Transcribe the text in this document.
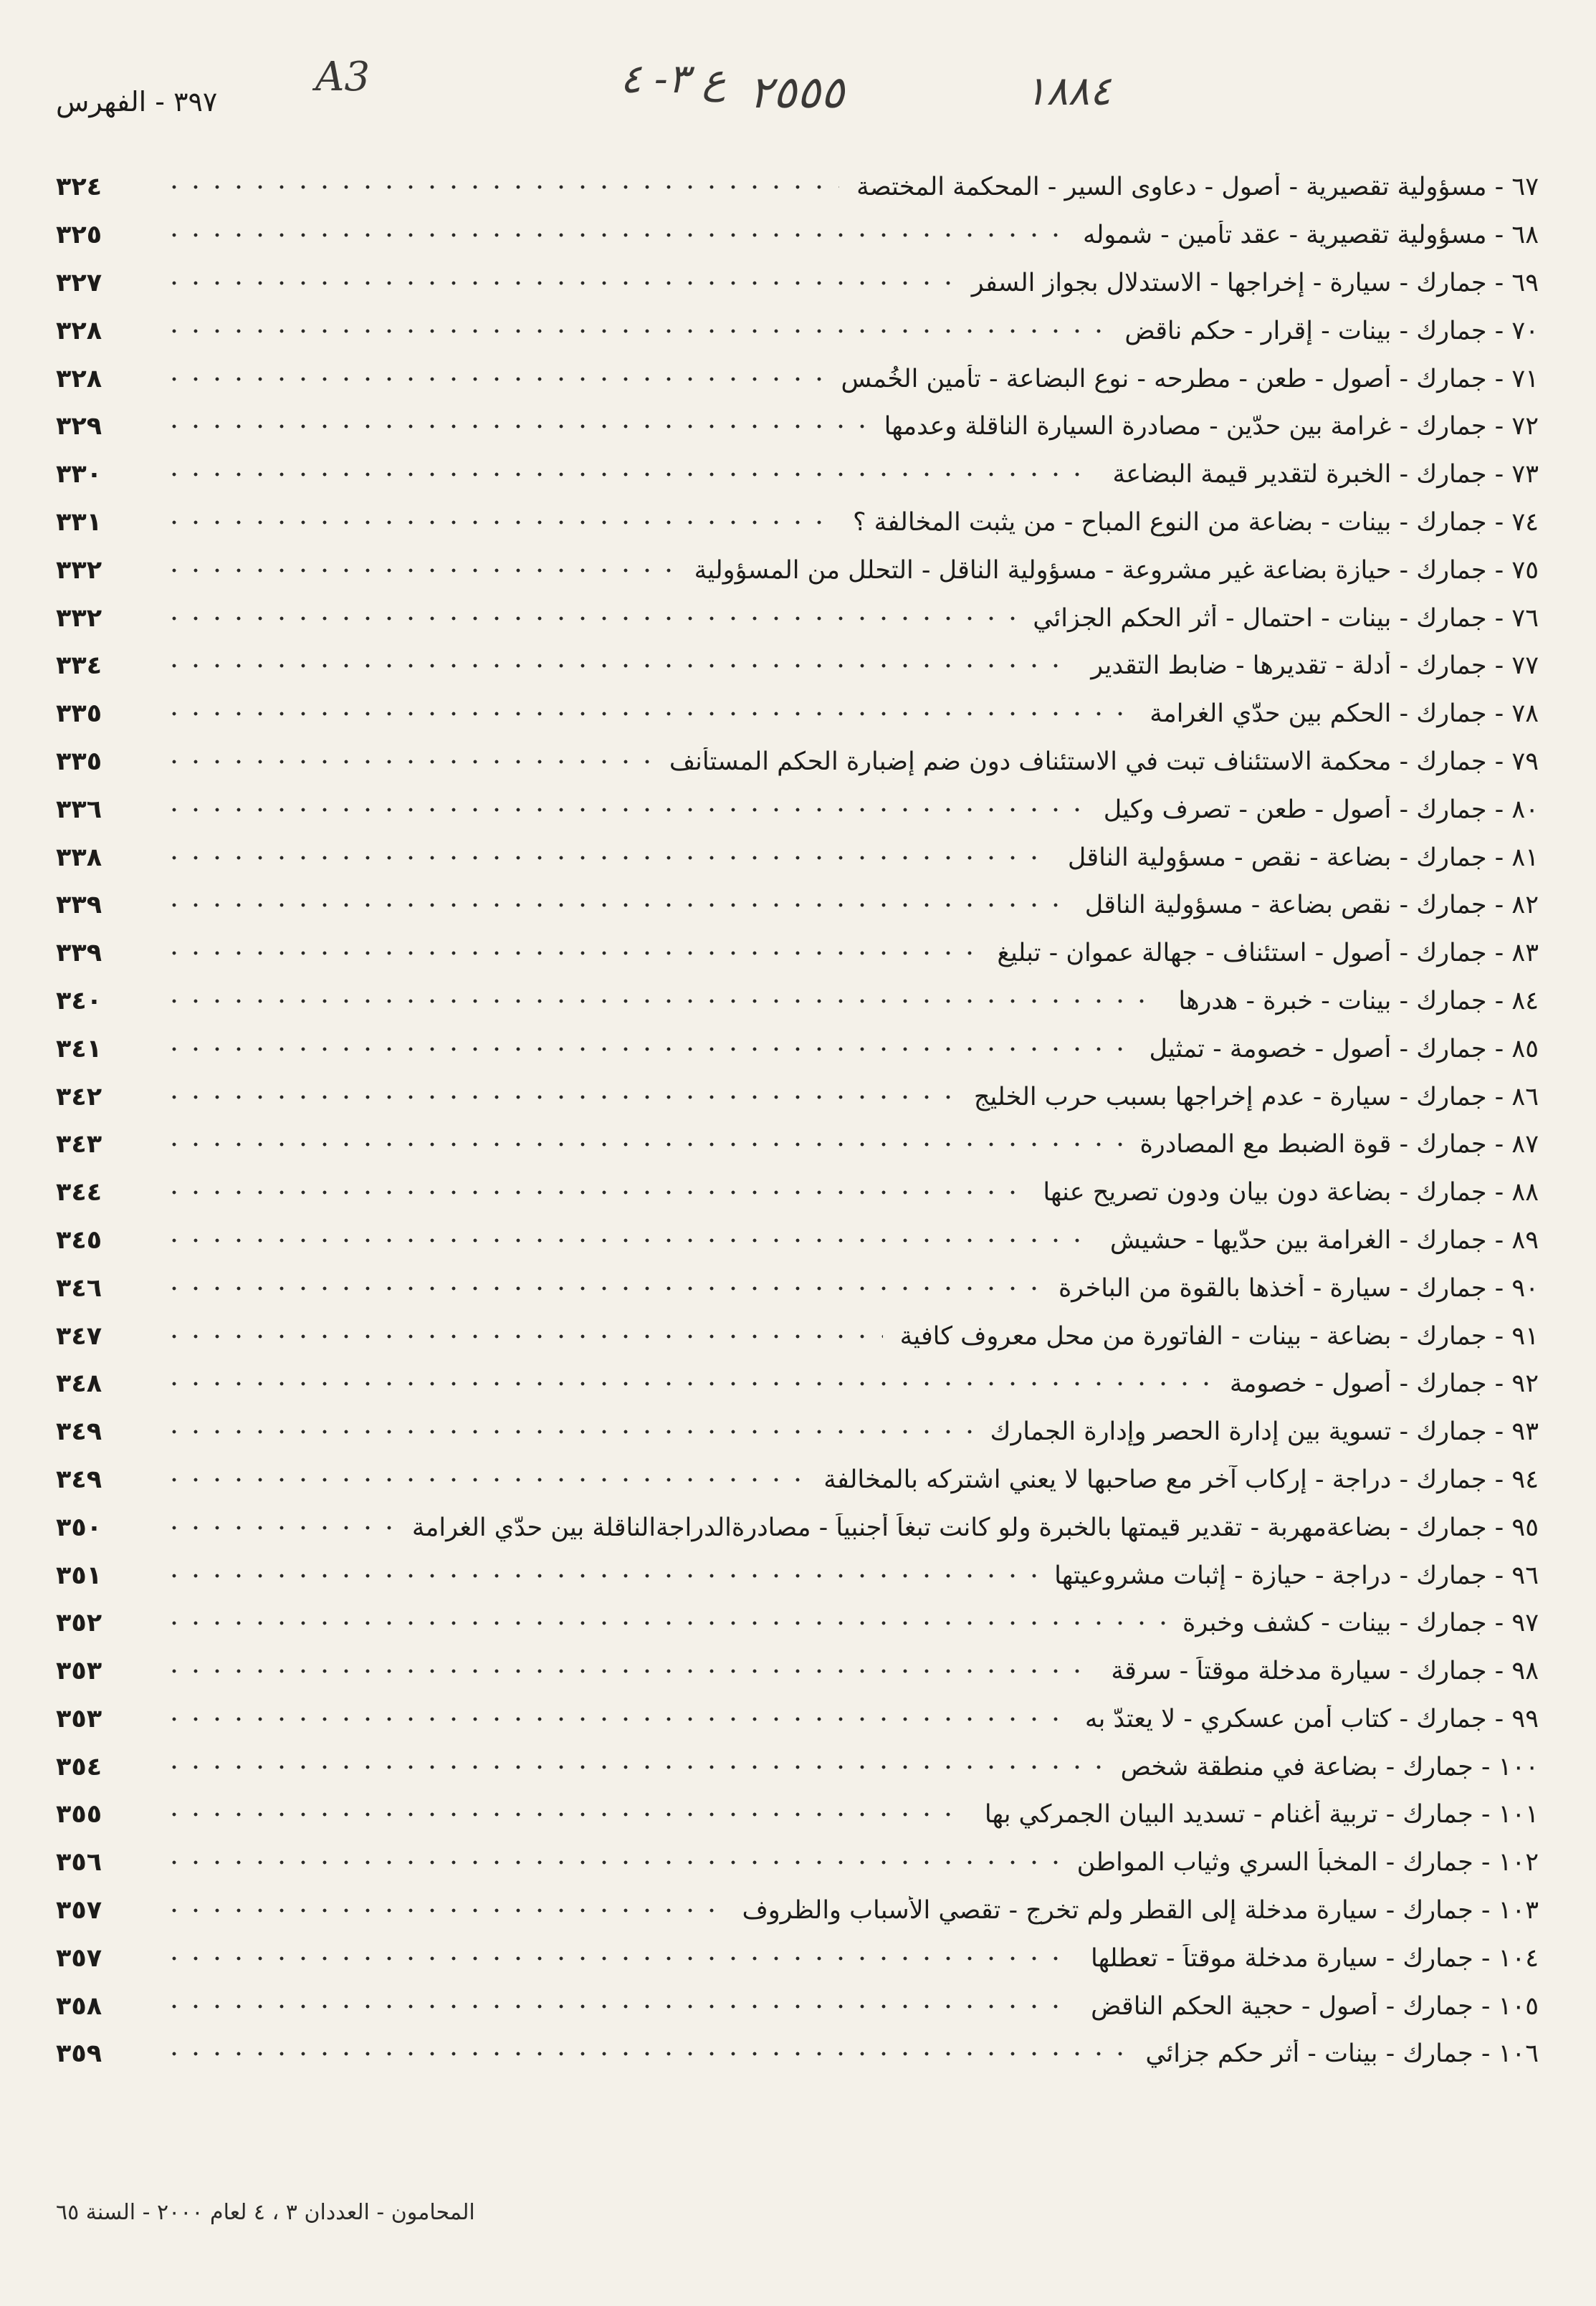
١٨٨٤
٢٥٥٥
ع ٣- ٤
A3
٣٩٧ - الفهرس
٦٧ - مسؤولية تقصيرية - أصول - دعاوى السير - المحكمة المختصة
٣٢٤
٦٨ - مسؤولية تقصيرية - عقد تأمين - شموله
٣٢٥
٦٩ - جمارك - سيارة - إخراجها - الاستدلال بجواز السفر
٣٢٧
٧٠ - جمارك - بينات - إقرار - حكم ناقض
٣٢٨
٧١ - جمارك - أصول - طعن - مطرحه - نوع البضاعة - تأمين الخُمس
٣٢٨
٧٢ - جمارك - غرامة بين حدّين - مصادرة السيارة الناقلة وعدمها
٣٢٩
٧٣ - جمارك - الخبرة لتقدير قيمة البضاعة
٣٣٠
٧٤ - جمارك - بينات - بضاعة من النوع المباح - من يثبت المخالفة ؟
٣٣١
٧٥ - جمارك - حيازة بضاعة غير مشروعة - مسؤولية الناقل - التحلل من المسؤولية
٣٣٢
٧٦ - جمارك - بينات - احتمال - أثر الحكم الجزائي
٣٣٢
٧٧ - جمارك - أدلة - تقديرها - ضابط التقدير
٣٣٤
٧٨ - جمارك - الحكم بين حدّي الغرامة
٣٣٥
٧٩ - جمارك - محكمة الاستئناف تبت في الاستئناف دون ضم إضبارة الحكم المستأنف
٣٣٥
٨٠ - جمارك - أصول - طعن - تصرف وكيل
٣٣٦
٨١ - جمارك - بضاعة - نقص - مسؤولية الناقل
٣٣٨
٨٢ - جمارك - نقص بضاعة - مسؤولية الناقل
٣٣٩
٨٣ - جمارك - أصول - استئناف - جهالة عموان - تبليغ
٣٣٩
٨٤ - جمارك - بينات - خبرة - هدرها
٣٤٠
٨٥ - جمارك - أصول - خصومة - تمثيل
٣٤١
٨٦ - جمارك - سيارة - عدم إخراجها بسبب حرب الخليج
٣٤٢
٨٧ - جمارك - قوة الضبط مع المصادرة
٣٤٣
٨٨ - جمارك - بضاعة دون بيان ودون تصريح عنها
٣٤٤
٨٩ - جمارك - الغرامة بين حدّيها - حشيش
٣٤٥
٩٠ - جمارك - سيارة - أخذها بالقوة من الباخرة
٣٤٦
٩١ - جمارك - بضاعة - بينات - الفاتورة من محل معروف كافية
٣٤٧
٩٢ - جمارك - أصول - خصومة
٣٤٨
٩٣ - جمارك - تسوية بين إدارة الحصر وإدارة الجمارك
٣٤٩
٩٤ - جمارك - دراجة - إركاب آخر مع صاحبها لا يعني اشتركه بالمخالفة
٣٤٩
٩٥ - جمارك - بضاعةمهربة - تقدير قيمتها بالخبرة ولو كانت تبغاً أجنبياً - مصادرةالدراجةالناقلة بين حدّي الغرامة
٣٥٠
٩٦ - جمارك - دراجة - حيازة - إثبات مشروعيتها
٣٥١
٩٧ - جمارك - بينات - كشف وخبرة
٣٥٢
٩٨ - جمارك - سيارة مدخلة موقتاً - سرقة
٣٥٣
٩٩ - جمارك - كتاب أمن عسكري - لا يعتدّ به
٣٥٣
١٠٠ - جمارك - بضاعة في منطقة شخص
٣٥٤
١٠١ - جمارك - تربية أغنام - تسديد البيان الجمركي بها
٣٥٥
١٠٢ - جمارك - المخبأ السري وثياب المواطن
٣٥٦
١٠٣ - جمارك - سيارة مدخلة إلى القطر ولم تخرج - تقصي الأسباب والظروف
٣٥٧
١٠٤ - جمارك - سيارة مدخلة موقتاً - تعطلها
٣٥٧
١٠٥ - جمارك - أصول - حجية الحكم الناقض
٣٥٨
١٠٦ - جمارك - بينات - أثر حكم جزائي
٣٥٩
المحامون - العددان ٣ ، ٤ لعام ٢٠٠٠ - السنة ٦٥
